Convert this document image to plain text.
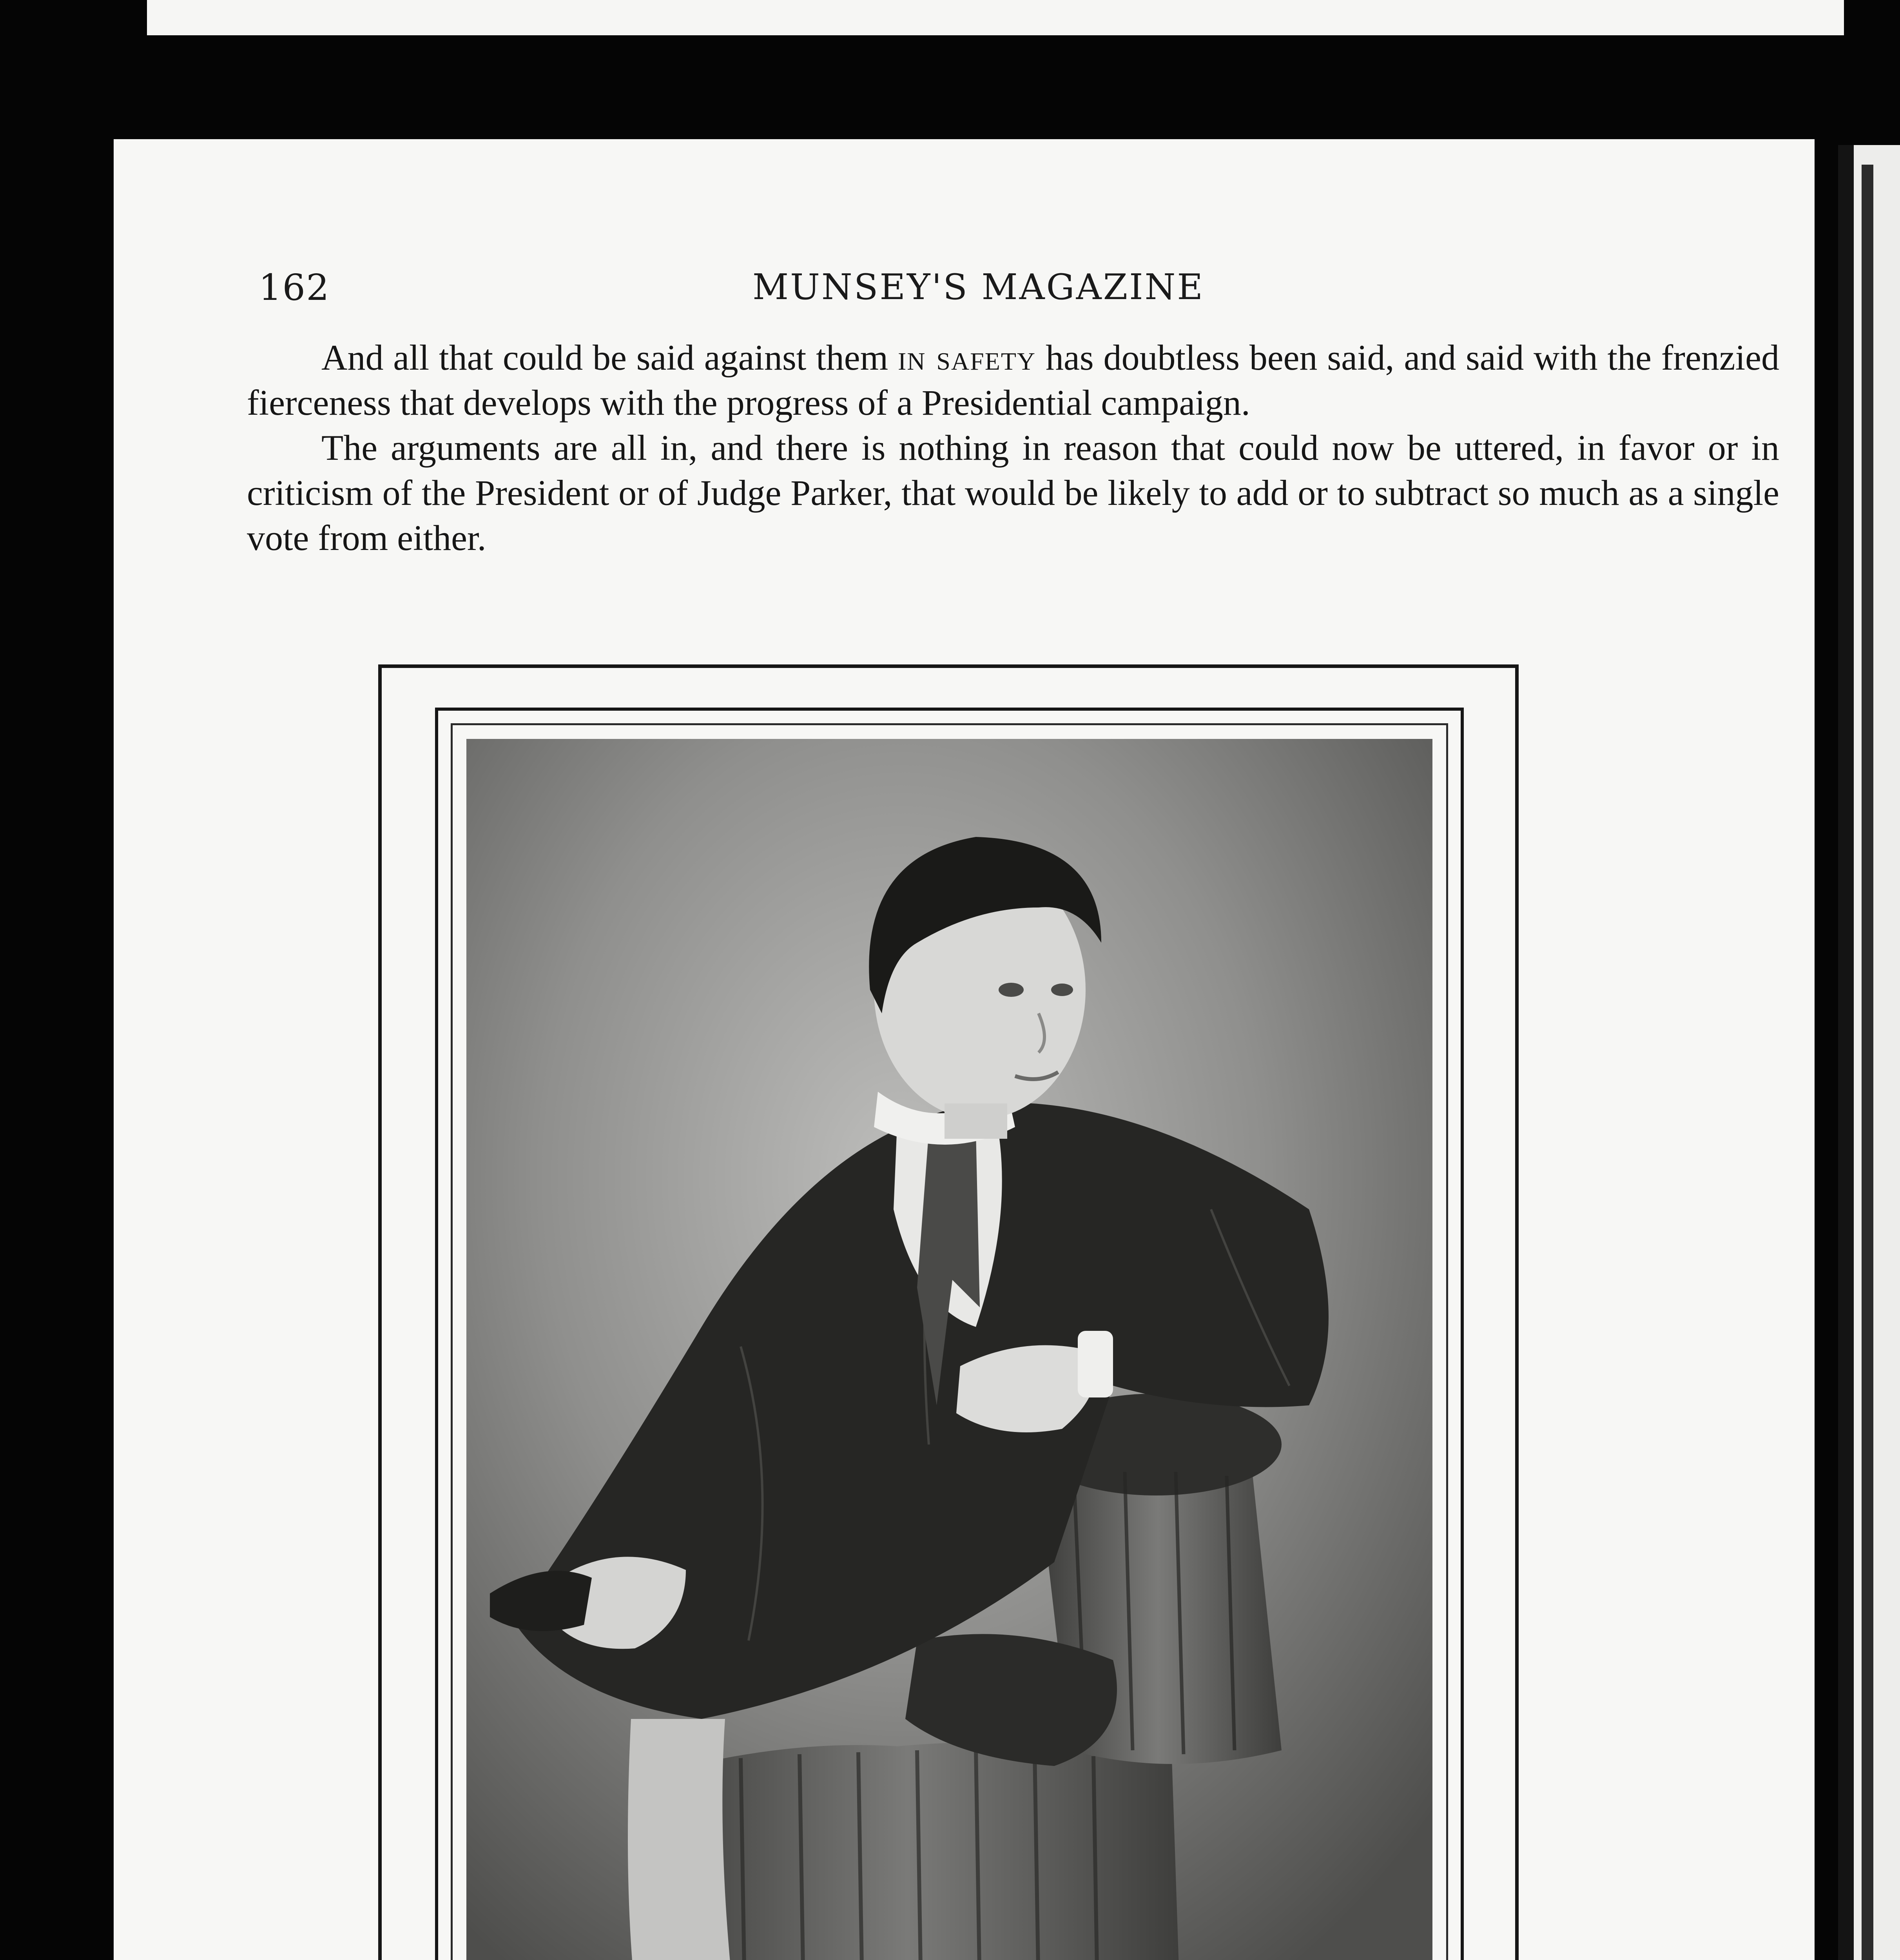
162	MUNSEY'S MAGAZINE

And all that could be said against them in safety has doubtless been said, and said with the frenzied fierceness that develops with the progress of a Presidential campaign.

The arguments are all in, and there is nothing in reason that could now be uttered, in favor or in criticism of the President or of Judge Parker, that would be likely to add or to subtract so much as a single vote from either.
